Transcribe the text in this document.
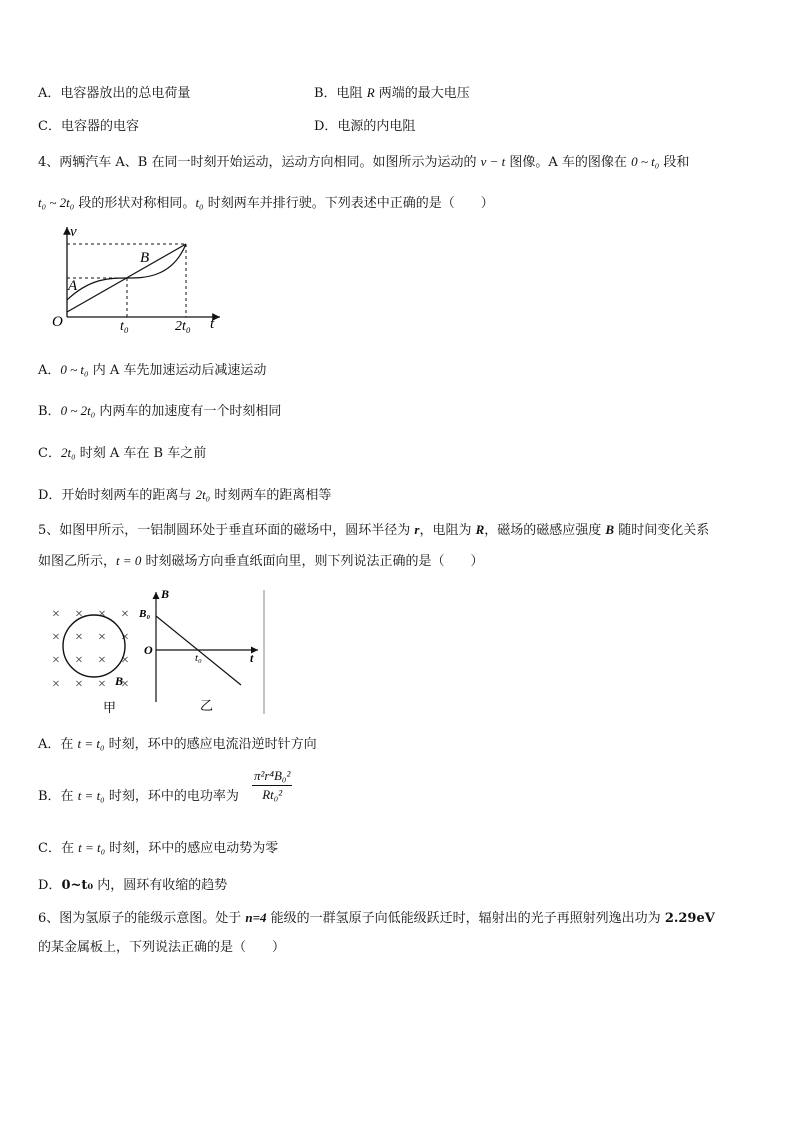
A．电容器放出的总电荷量	B．电阻 R 两端的最大电压
C．电容器的电容	D．电源的内电阻
4、两辆汽车 A、B 在同一时刻开始运动，运动方向相同。如图所示为运动的 v − t 图像。A 车的图像在 0 ~ t₀ 段和
t₀ ~ 2t₀ 段的形状对称相同。t₀ 时刻两车并排行驶。下列表述中正确的是（　　）
v
t
O
A
B
t₀	2t₀
A．0 ~ t₀ 内 A 车先加速运动后减速运动
B．0 ~ 2t₀ 内两车的加速度有一个时刻相同
C．2t₀ 时刻 A 车在 B 车之前
D．开始时刻两车的距离与 2t₀ 时刻两车的距离相等
5、如图甲所示，一铝制圆环处于垂直环面的磁场中，圆环半径为 r，电阻为 R，磁场的磁感应强度 B 随时间变化关系
如图乙所示，t = 0 时刻磁场方向垂直纸面向里，则下列说法正确的是（　　）
× × × ×
× × × ×
× × × ×
× × × ×
B
甲
B
B₀
O
t₀	t
乙
A．在 t = t₀ 时刻，环中的感应电流沿逆时针方向
B．在 t = t₀ 时刻，环中的电功率为 $\frac{\text{π²r⁴B₀²}}{\text{Rt₀²}}$
C．在 t = t₀ 时刻，环中的感应电动势为零
D．0~t₀ 内，圆环有收缩的趋势
6、图为氢原子的能级示意图。处于 n=4 能级的一群氢原子向低能级跃迁时，辐射出的光子再照射列逸出功为 2.29eV
的某金属板上，下列说法正确的是（　　）
